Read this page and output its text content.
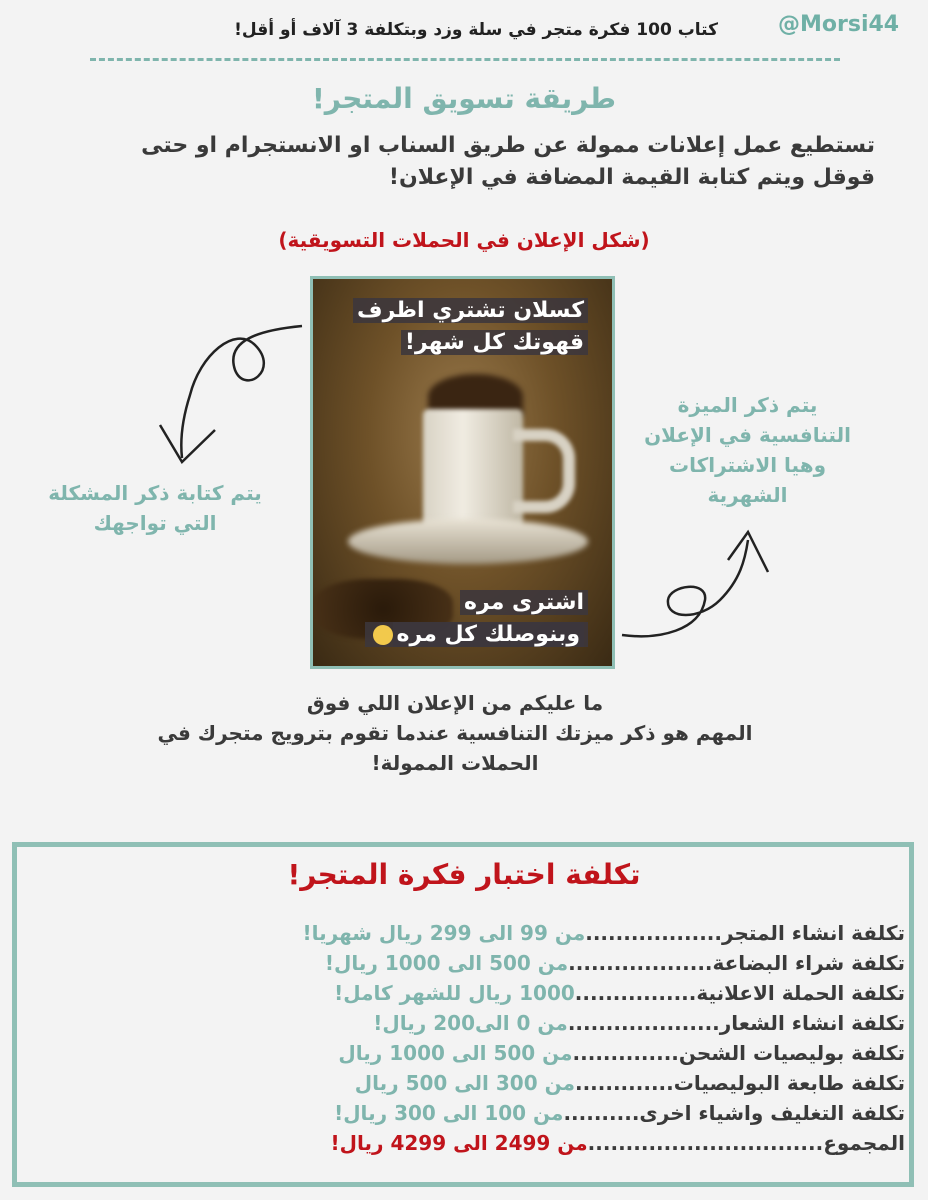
كتاب 100 فكرة متجر في سلة وزد وبتكلفة 3 آلاف أو أقل!	@Morsi44
طريقة تسويق المتجر!
تستطيع عمل إعلانات ممولة عن طريق السناب او الانستجرام او حتى
قوقل ويتم كتابة القيمة المضافة في الإعلان!
(شكل الإعلان في الحملات التسويقية)
كسلان تشتري اظرف
قهوتك كل شهر!
اشترى مره
وبنوصلك كل مره
يتم ذكر الميزة
التنافسية في الإعلان
وهيا الاشتراكات
الشهرية
يتم كتابة ذكر المشكلة
التي تواجهك
ما عليكم من الإعلان اللي فوق
المهم هو ذكر ميزتك التنافسية عندما تقوم بترويج متجرك في
الحملات الممولة!
تكلفة اختبار فكرة المتجر!
تكلفة انشاء المتجر..................من 99 الى 299 ريال شهريا!
تكلفة شراء البضاعة...................من 500 الى 1000 ريال!
تكلفة الحملة الاعلانية................1000 ريال للشهر كامل!
تكلفة انشاء الشعار....................من 0 الى200 ريال!
تكلفة بوليصيات الشحن..............من 500 الى 1000 ريال
تكلفة طابعة البوليصيات.............من 300 الى 500 ريال
تكلفة التغليف واشياء اخرى..........من 100 الى 300 ريال!
المجموع...............................من 2499 الى 4299 ريال!
